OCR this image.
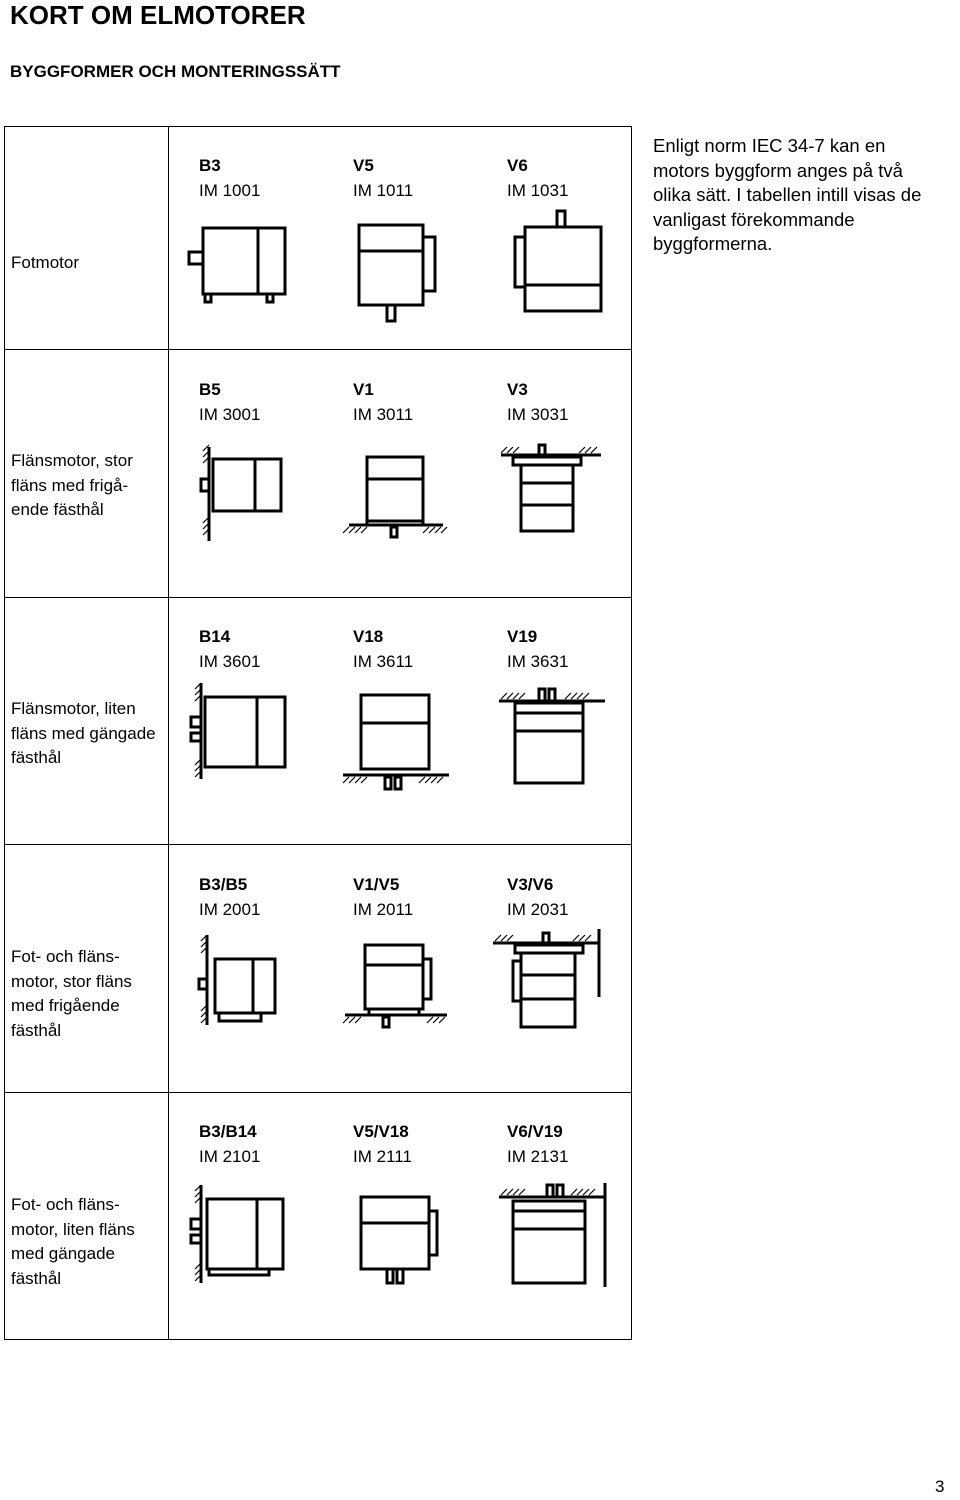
KORT OM ELMOTORER
BYGGFORMER OCH MONTERINGSSÄTT
Fotmotor
B3
IM 1001
V5
IM 1011
V6
IM 1031
Flänsmotor, stor fläns med frigå-ende fästhål
B5
IM 3001
V1
IM 3011
V3
IM 3031
Flänsmotor, liten fläns med gängade fästhål
B14
IM 3601
V18
IM 3611
V19
IM 3631
Fot- och fläns-motor, stor fläns med frigående fästhål
B3/B5
IM 2001
V1/V5
IM 2011
V3/V6
IM 2031
Fot- och fläns-motor, liten fläns med gängade fästhål
B3/B14
IM 2101
V5/V18
IM 2111
V6/V19
IM 2131
Enligt norm IEC 34-7 kan en motors byggform anges på två olika sätt. I tabellen intill visas de vanligast förekommande byggformerna.
3
